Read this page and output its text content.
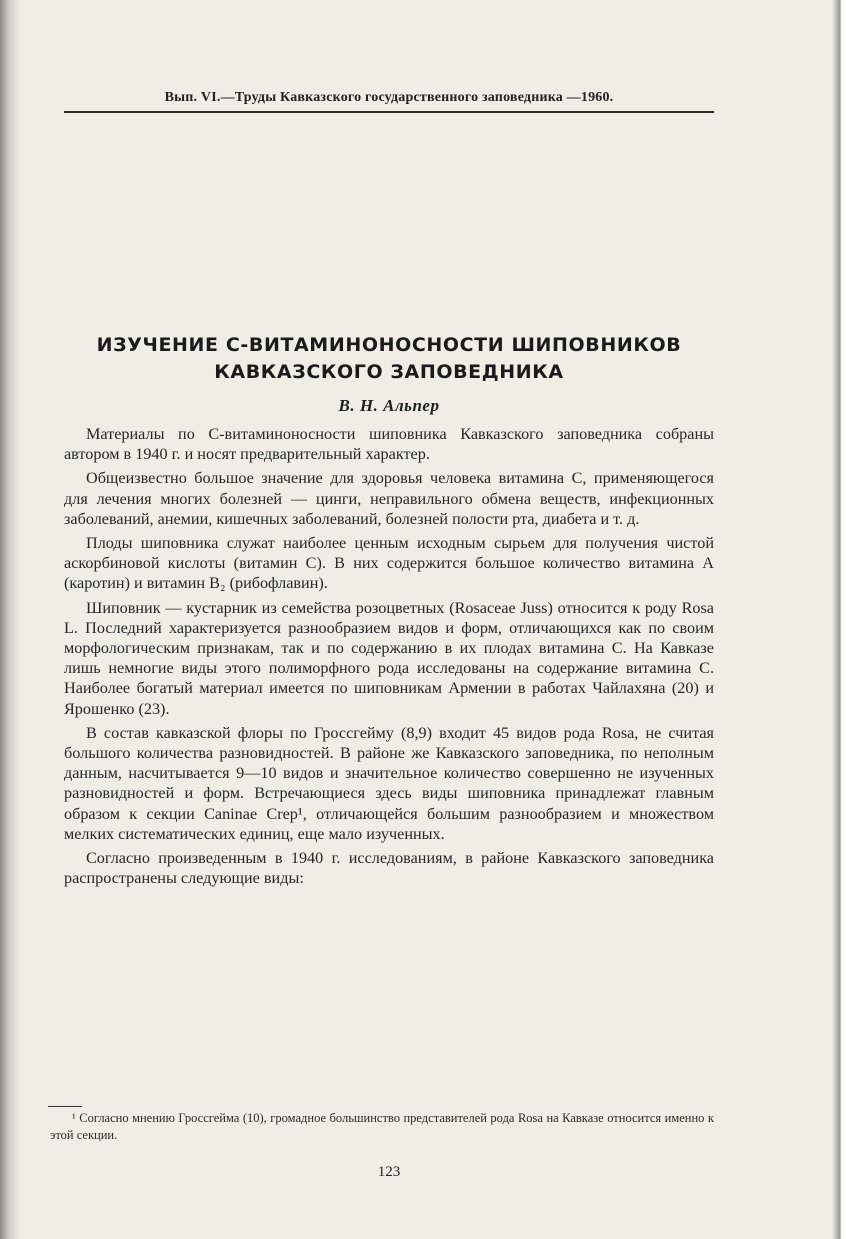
Вып. VI.—Труды Кавказского государственного заповедника —1960.
ИЗУЧЕНИЕ С-ВИТАМИНОНОСНОСТИ ШИПОВНИКОВ
КАВКАЗСКОГО ЗАПОВЕДНИКА
В. Н. Альпер

Материалы по С-витаминоносности шиповника Кавказского заповедника собраны автором в 1940 г. и носят предварительный характер.

Общеизвестно большое значение для здоровья человека витамина С, применяющегося для лечения многих болезней — цинги, неправильного обмена веществ, инфекционных заболеваний, анемии, кишечных заболеваний, болезней полости рта, диабета и т. д.

Плоды шиповника служат наиболее ценным исходным сырьем для получения чистой аскорбиновой кислоты (витамин С). В них содержится большое количество витамина А (каротин) и витамин В₂ (рибофлавин).

Шиповник — кустарник из семейства розоцветных (Rosaceae Juss) относится к роду Rosa L. Последний характеризуется разнообразием видов и форм, отличающихся как по своим морфологическим признакам, так и по содержанию в их плодах витамина С. На Кавказе лишь немногие виды этого полиморфного рода исследованы на содержание витамина С. Наиболее богатый материал имеется по шиповникам Армении в работах Чайлахяна (20) и Ярошенко (23).

В состав кавказской флоры по Гроссгейму (8,9) входит 45 видов рода Rosa, не считая большого количества разновидностей. В районе же Кавказского заповедника, по неполным данным, насчитывается 9—10 видов и значительное количество совершенно не изученных разновидностей и форм. Встречающиеся здесь виды шиповника принадлежат главным образом к секции Caninae Crep¹, отличающейся большим разнообразием и множеством мелких систематических единиц, еще мало изученных.

Согласно произведенным в 1940 г. исследованиям, в районе Кавказского заповедника распространены следующие виды:

¹ Согласно мнению Гроссгейма (10), громадное большинство представителей рода Rosa на Кавказе относится именно к этой секции.
123
